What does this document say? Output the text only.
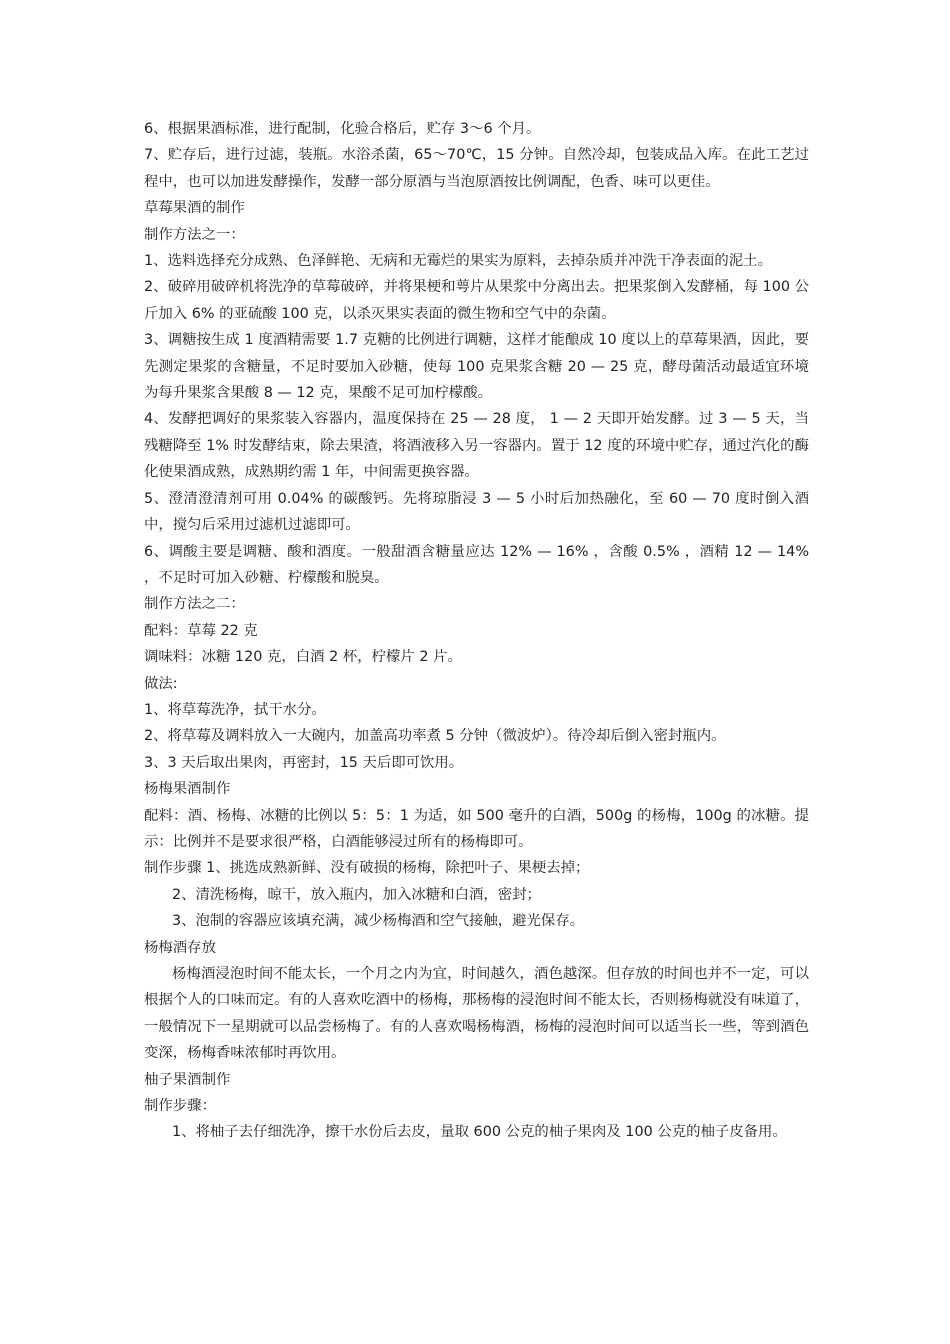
6、根据果酒标准，进行配制，化验合格后，贮存 3～6 个月。

7、贮存后，进行过滤，装瓶。水浴杀菌，65～70℃，15 分钟。自然冷却，包装成品入库。在此工艺过程中，也可以加进发酵操作，发酵一部分原酒与当泡原酒按比例调配，色香、味可以更佳。

草莓果酒的制作

制作方法之一：

1、选料选择充分成熟、色泽鲜艳、无病和无霉烂的果实为原料，去掉杂质并冲洗干净表面的泥土。

2、破碎用破碎机将洗净的草莓破碎，并将果梗和萼片从果浆中分离出去。把果浆倒入发酵桶，每 100 公斤加入 6% 的亚硫酸 100 克，以杀灭果实表面的微生物和空气中的杂菌。

3、调糖按生成 1 度酒精需要 1.7 克糖的比例进行调糖，这样才能酿成 10 度以上的草莓果酒，因此，要先测定果浆的含糖量，不足时要加入砂糖，使每 100 克果浆含糖 20 — 25 克，酵母菌活动最适宜环境为每升果浆含果酸 8 — 12 克，果酸不足可加柠檬酸。

4、发酵把调好的果浆装入容器内，温度保持在 25 — 28 度， 1 — 2 天即开始发酵。过 3 — 5 天，当残糖降至 1% 时发酵结束，除去果渣，将酒液移入另一容器内。置于 12 度的环境中贮存，通过汽化的酶化使果酒成熟，成熟期约需 1 年，中间需更换容器。

5、澄清澄清剂可用 0.04% 的碳酸钙。先将琼脂浸 3 — 5 小时后加热融化，至 60 — 70 度时倒入酒中，搅匀后采用过滤机过滤即可。

6、调酸主要是调糖、酸和酒度。一般甜酒含糖量应达 12% — 16% ，含酸 0.5% ，酒精 12 — 14% ，不足时可加入砂糖、柠檬酸和脱臭。

制作方法之二：

配料：草莓 22 克

调味料：冰糖 120 克，白酒 2 杯，柠檬片 2 片。

做法:

1、将草莓洗净，拭干水分。

2、将草莓及调料放入一大碗内，加盖高功率煮 5 分钟（微波炉）。待冷却后倒入密封瓶内。

3、3 天后取出果肉，再密封，15 天后即可饮用。

杨梅果酒制作

配料：酒、杨梅、冰糖的比例以 5：5：1 为适，如 500 毫升的白酒，500g 的杨梅，100g 的冰糖。提示：比例并不是要求很严格，白酒能够浸过所有的杨梅即可。

制作步骤 1、挑选成熟新鲜、没有破损的杨梅，除把叶子、果梗去掉；

2、清洗杨梅，晾干，放入瓶内，加入冰糖和白酒，密封；

3、泡制的容器应该填充满，减少杨梅酒和空气接触，避光保存。

杨梅酒存放

杨梅酒浸泡时间不能太长，一个月之内为宜，时间越久，酒色越深。但存放的时间也并不一定，可以根据个人的口味而定。有的人喜欢吃酒中的杨梅，那杨梅的浸泡时间不能太长，否则杨梅就没有味道了，一般情况下一星期就可以品尝杨梅了。有的人喜欢喝杨梅酒，杨梅的浸泡时间可以适当长一些，等到酒色变深，杨梅香味浓郁时再饮用。

柚子果酒制作

制作步骤：

1、将柚子去仔细洗净，擦干水份后去皮，量取 600 公克的柚子果肉及 100 公克的柚子皮备用。
